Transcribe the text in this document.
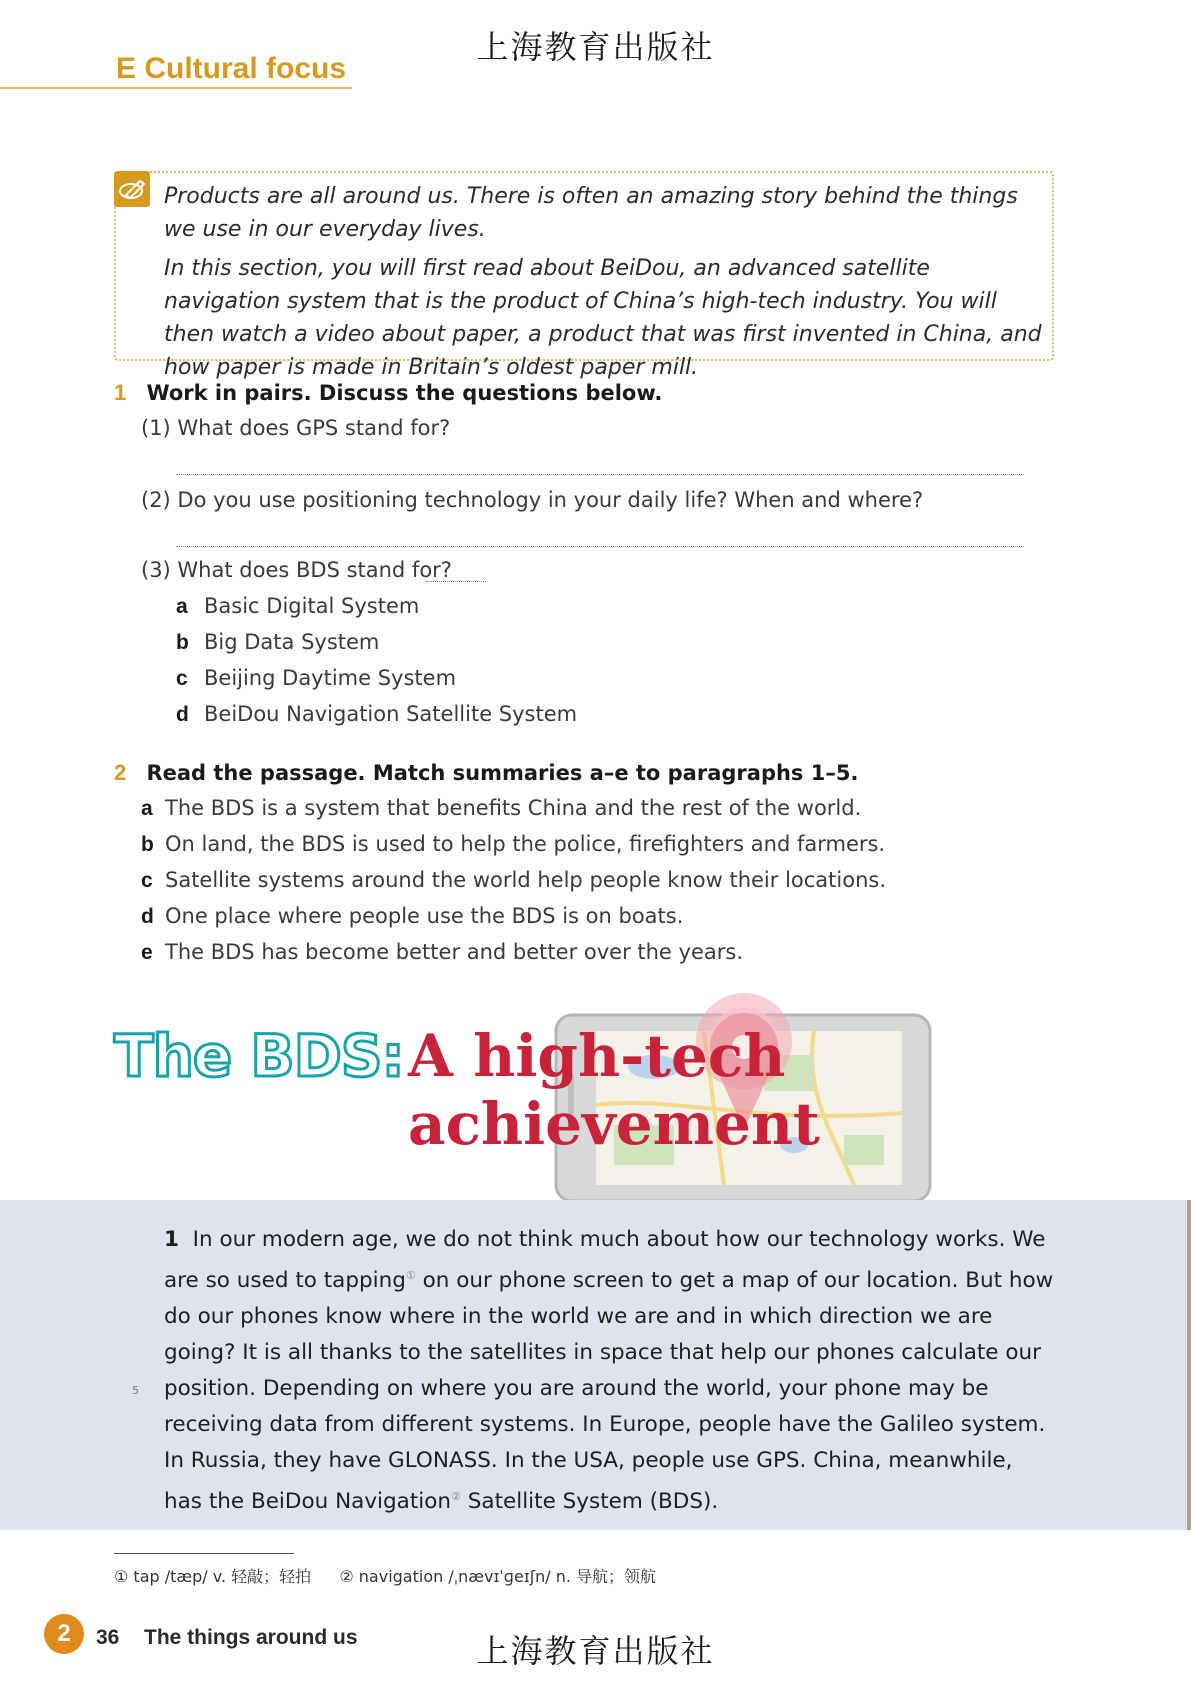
上海教育出版社
E Cultural focus

Products are all around us. There is often an amazing story behind the things we use in our everyday lives.

In this section, you will first read about BeiDou, an advanced satellite navigation system that is the product of China’s high-tech industry. You will then watch a video about paper, a product that was first invented in China, and how paper is made in Britain’s oldest paper mill.

1 Work in pairs. Discuss the questions below.
(1) What does GPS stand for?
(2) Do you use positioning technology in your daily life? When and where?
(3) What does BDS stand for?
a Basic Digital System
b Big Data System
c Beijing Daytime System
d BeiDou Navigation Satellite System
2 Read the passage. Match summaries a–e to paragraphs 1–5.
a The BDS is a system that benefits China and the rest of the world.
b On land, the BDS is used to help the police, firefighters and farmers.
c Satellite systems around the world help people know their locations.
d One place where people use the BDS is on boats.
e The BDS has become better and better over the years.
The BDS: A high-tech achievement
1 In our modern age, we do not think much about how our technology works. We are so used to tapping① on our phone screen to get a map of our location. But how do our phones know where in the world we are and in which direction we are going? It is all thanks to the satellites in space that help our phones calculate our position. Depending on where you are around the world, your phone may be receiving data from different systems. In Europe, people have the Galileo system. In Russia, they have GLONASS. In the USA, people use GPS. China, meanwhile, has the BeiDou Navigation② Satellite System (BDS).
5
① tap /tæp/ v. 轻敲；轻拍 ② navigation /ˌnævɪˈɡeɪʃn/ n. 导航；领航
2	36 The things around us	上海教育出版社
